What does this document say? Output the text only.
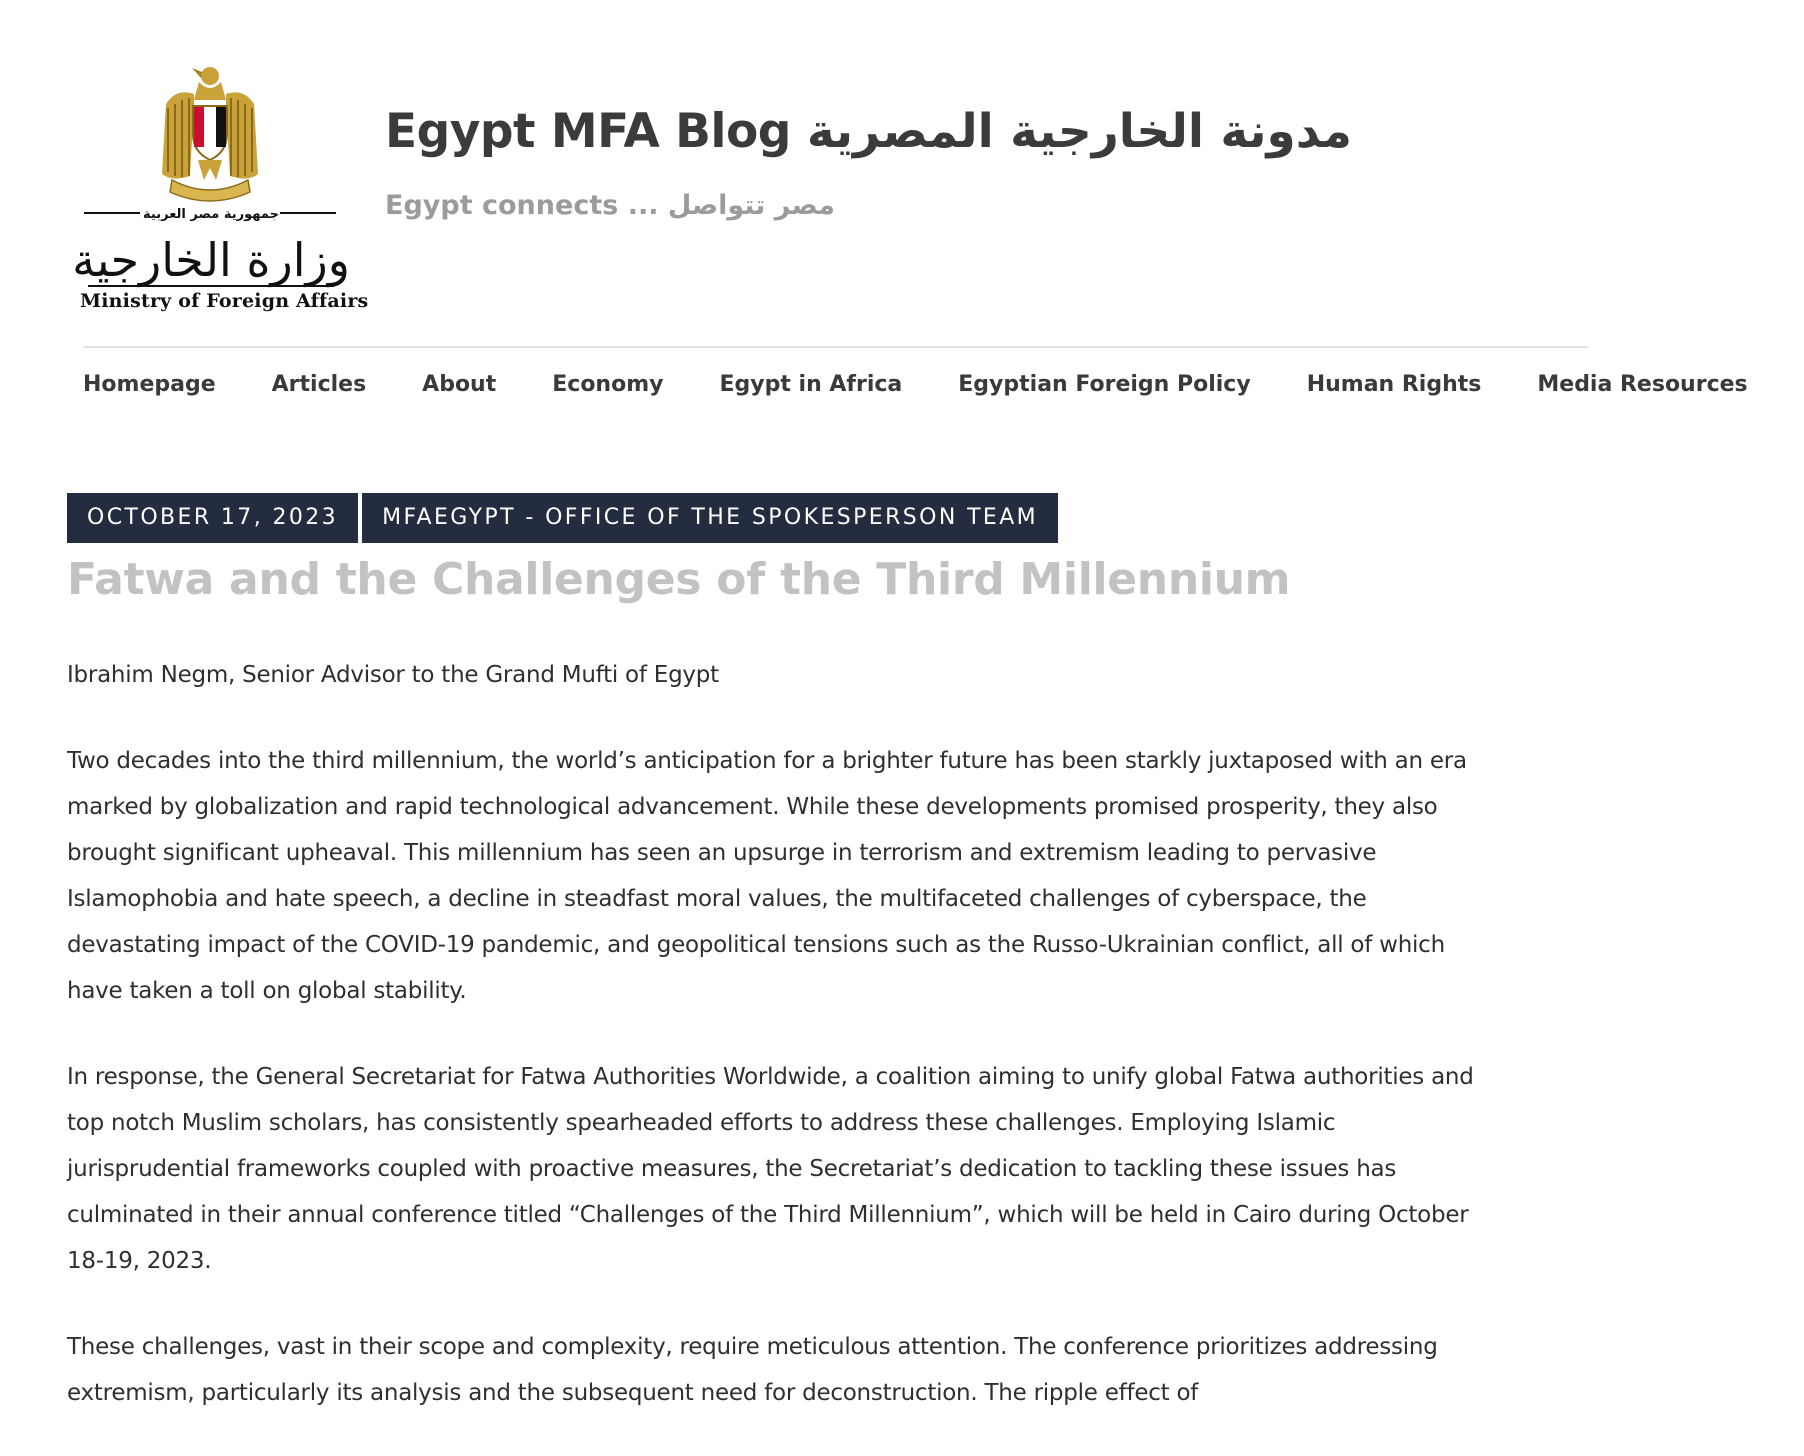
جمهورية مصر العربية
وزارة الخارجية
Ministry of Foreign Affairs
Egypt MFA Blog مدونة الخارجية المصرية
Egypt connects ... مصر تتواصل
Homepage	Articles	About	Economy	Egypt in Africa	Egyptian Foreign Policy	Human Rights	Media Resources
OCTOBER 17, 2023 MFAEGYPT - OFFICE OF THE SPOKESPERSON TEAM
Fatwa and the Challenges of the Third Millennium

Ibrahim Negm, Senior Advisor to the Grand Mufti of Egypt

Two decades into the third millennium, the world’s anticipation for a brighter future has been starkly juxtaposed with an era marked by globalization and rapid technological advancement. While these developments promised prosperity, they also brought significant upheaval. This millennium has seen an upsurge in terrorism and extremism leading to pervasive Islamophobia and hate speech, a decline in steadfast moral values, the multifaceted challenges of cyberspace, the devastating impact of the COVID-19 pandemic, and geopolitical tensions such as the Russo-Ukrainian conflict, all of which have taken a toll on global stability.

In response, the General Secretariat for Fatwa Authorities Worldwide, a coalition aiming to unify global Fatwa authorities and top notch Muslim scholars, has consistently spearheaded efforts to address these challenges. Employing Islamic jurisprudential frameworks coupled with proactive measures, the Secretariat’s dedication to tackling these issues has culminated in their annual conference titled “Challenges of the Third Millennium”, which will be held in Cairo during October 18-19, 2023.

These challenges, vast in their scope and complexity, require meticulous attention. The conference prioritizes addressing extremism, particularly its analysis and the subsequent need for deconstruction. The ripple effect of
